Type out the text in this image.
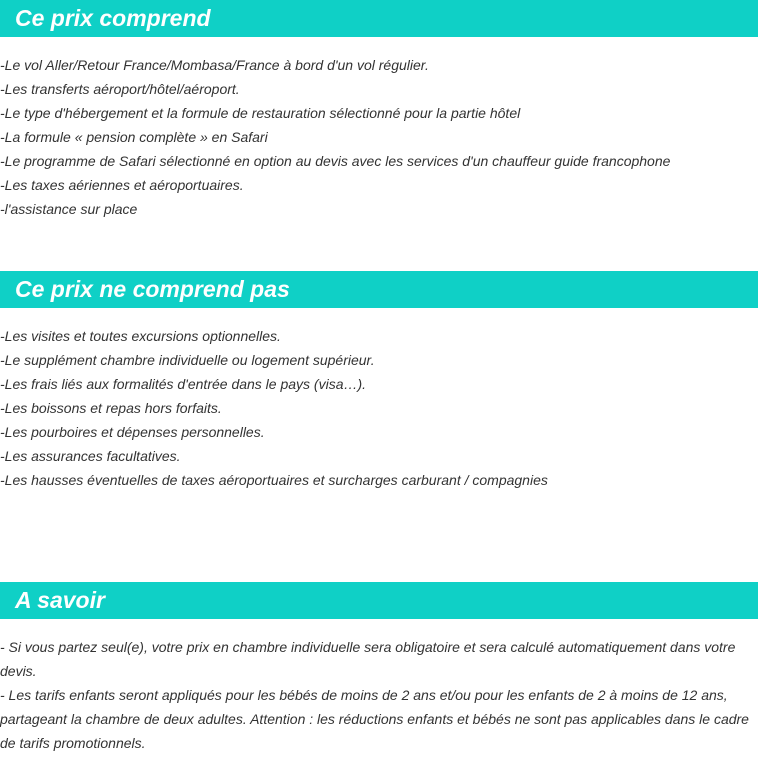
Ce prix comprend
-Le vol Aller/Retour France/Mombasa/France à bord d'un vol régulier.
-Les transferts aéroport/hôtel/aéroport.
-Le type d'hébergement et la formule de restauration sélectionné pour la partie hôtel
-La formule « pension complète » en Safari
-Le programme de Safari sélectionné en option au devis avec les services d'un chauffeur guide francophone
-Les taxes aériennes et aéroportuaires.
-l'assistance sur place
Ce prix ne comprend pas
-Les visites et toutes excursions optionnelles.
-Le supplément chambre individuelle ou logement supérieur.
-Les frais liés aux formalités d'entrée dans le pays (visa…).
-Les boissons et repas hors forfaits.
-Les pourboires et dépenses personnelles.
-Les assurances facultatives.
-Les hausses éventuelles de taxes aéroportuaires et surcharges carburant / compagnies
A savoir
- Si vous partez seul(e), votre prix en chambre individuelle sera obligatoire et sera calculé automatiquement dans votre devis.
- Les tarifs enfants seront appliqués pour les bébés de moins de 2 ans et/ou pour les enfants de 2 à moins de 12 ans, partageant la chambre de deux adultes. Attention : les réductions enfants et bébés ne sont pas applicables dans le cadre de tarifs promotionnels.
